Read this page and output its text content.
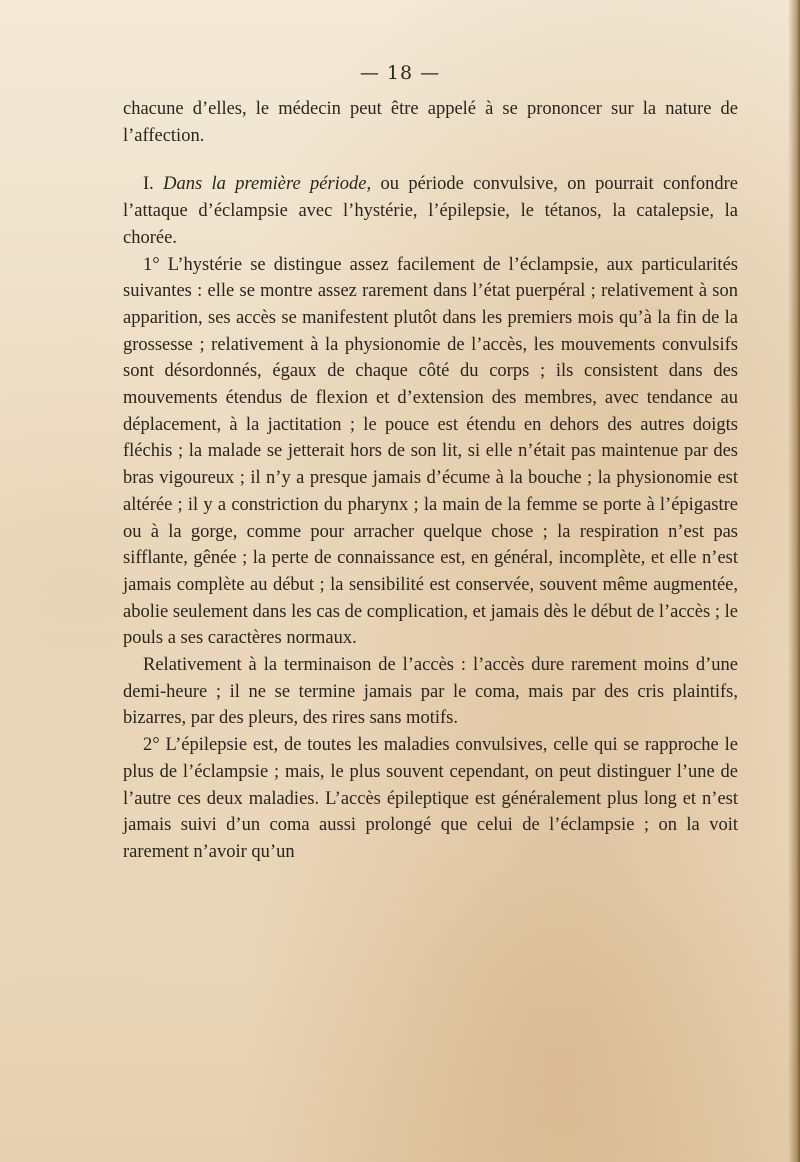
— 18 —

chacune d’elles, le médecin peut être appelé à se prononcer sur la nature de l’affection.

I. Dans la première période, ou période convulsive, on pourrait confondre l’attaque d’éclampsie avec l’hystérie, l’épilepsie, le tétanos, la catalepsie, la chorée.

1° L’hystérie se distingue assez facilement de l’éclampsie, aux particularités suivantes : elle se montre assez rarement dans l’état puerpéral ; relativement à son apparition, ses accès se manifestent plutôt dans les premiers mois qu’à la fin de la grossesse ; relativement à la physionomie de l’accès, les mouvements convulsifs sont désordonnés, égaux de chaque côté du corps ; ils consistent dans des mouvements étendus de flexion et d’extension des membres, avec tendance au déplacement, à la jactitation ; le pouce est étendu en dehors des autres doigts fléchis ; la malade se jetterait hors de son lit, si elle n’était pas maintenue par des bras vigoureux ; il n’y a presque jamais d’écume à la bouche ; la physionomie est altérée ; il y a constriction du pharynx ; la main de la femme se porte à l’épigastre ou à la gorge, comme pour arracher quelque chose ; la respiration n’est pas sifflante, gênée ; la perte de connaissance est, en général, incomplète, et elle n’est jamais complète au début ; la sensibilité est conservée, souvent même augmentée, abolie seulement dans les cas de complication, et jamais dès le début de l’accès ; le pouls a ses caractères normaux.

Relativement à la terminaison de l’accès : l’accès dure rarement moins d’une demi-heure ; il ne se termine jamais par le coma, mais par des cris plaintifs, bizarres, par des pleurs, des rires sans motifs.

2° L’épilepsie est, de toutes les maladies convulsives, celle qui se rapproche le plus de l’éclampsie ; mais, le plus souvent cependant, on peut distinguer l’une de l’autre ces deux maladies. L’accès épileptique est généralement plus long et n’est jamais suivi d’un coma aussi prolongé que celui de l’éclampsie ; on la voit rarement n’avoir qu’un
